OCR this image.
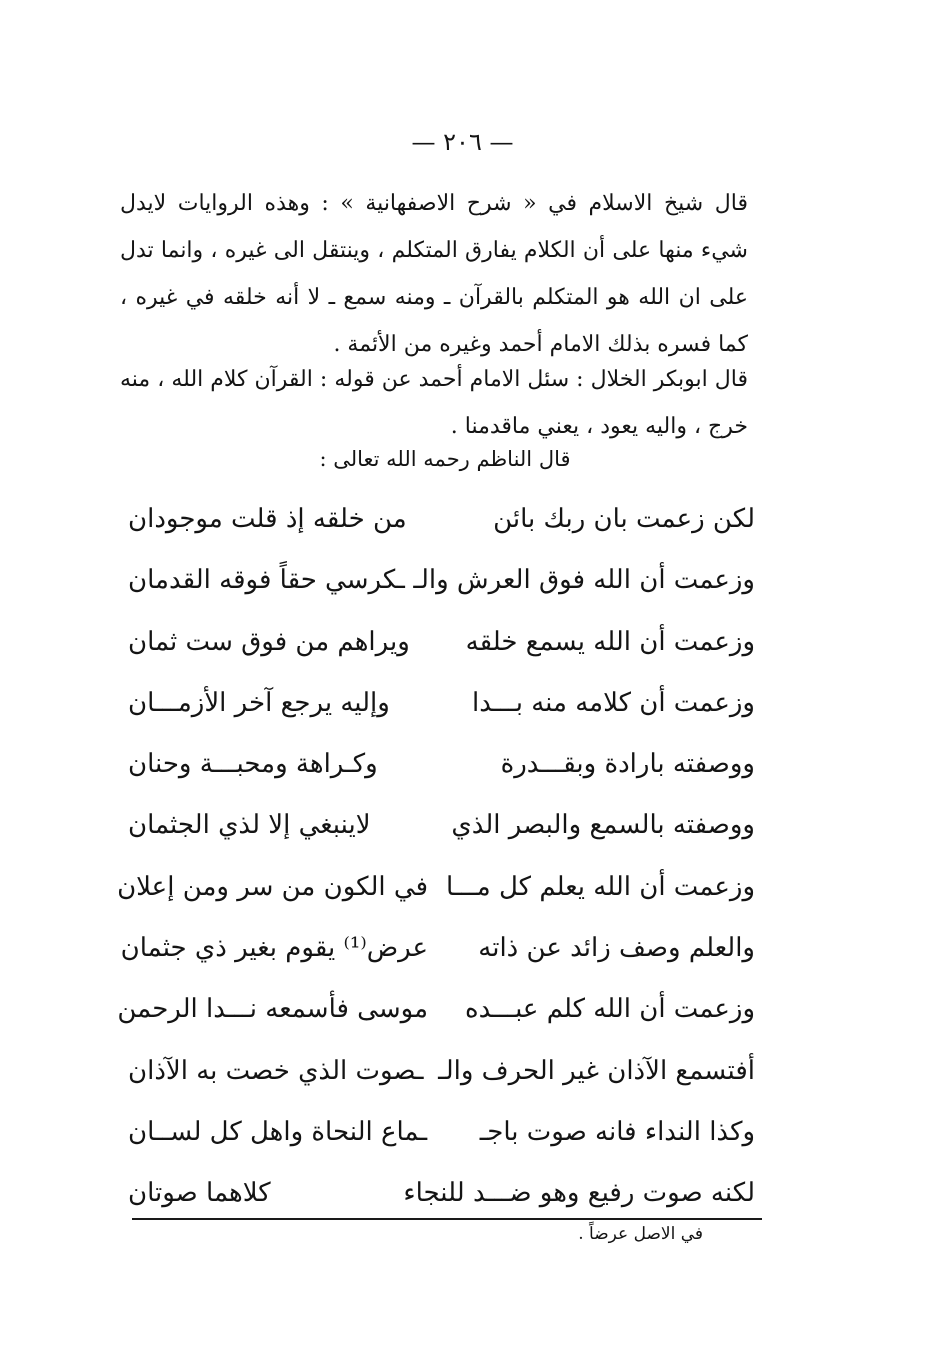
— ٢٠٦ —

قال شيخ الاسلام في « شرح الاصفهانية » : وهذه الروايات لايدل شيء منها على أن الكلام يفارق المتكلم ، وينتقل الى غيره ، وانما تدل على ان الله هو المتكلم بالقرآن ـ ومنه سمع ـ لا أنه خلقه في غيره ، كما فسره بذلك الامام أحمد وغيره من الأئمة .

قال ابوبكر الخلال : سئل الامام أحمد عن قوله : القرآن كلام الله ، منه خرج ، واليه يعود ، يعني ماقدمنا .

قال الناظم رحمه الله تعالى :
لكن زعمت بان ربك بائن
من خلقه إذ قلت موجودان
وزعمت أن الله فوق العرش والـ
ـكرسي حقاً فوقه القدمان
وزعمت أن الله يسمع خلقه
ويراهم من فوق ست ثمان
وزعمت أن كلامه منه بـــدا
وإليه يرجع آخر الأزمـــان
ووصفته بارادة وبقـــدرة
وكـراهة ومحبـــة وحنان
ووصفته بالسمع والبصر الذي
لاينبغي إلا لذي الجثمان
وزعمت أن الله يعلم كل مـــا
في الكون من سر ومن إعلان
والعلم وصف زائد عن ذاته
عرض⁽¹⁾ يقوم بغير ذي جثمان
وزعمت أن الله كلم عبـــده
موسى فأسمعه نـــدا الرحمن
أفتسمع الآذان غير الحرف والـ
ـصوت الذي خصت به الآذان
وكذا النداء فانه صوت باجـ
ـماع النحاة واهل كل لســان
لكنه صوت رفيع وهو ضـــد للنجاء
كلاهما صوتان
في الاصل عرضاً .
